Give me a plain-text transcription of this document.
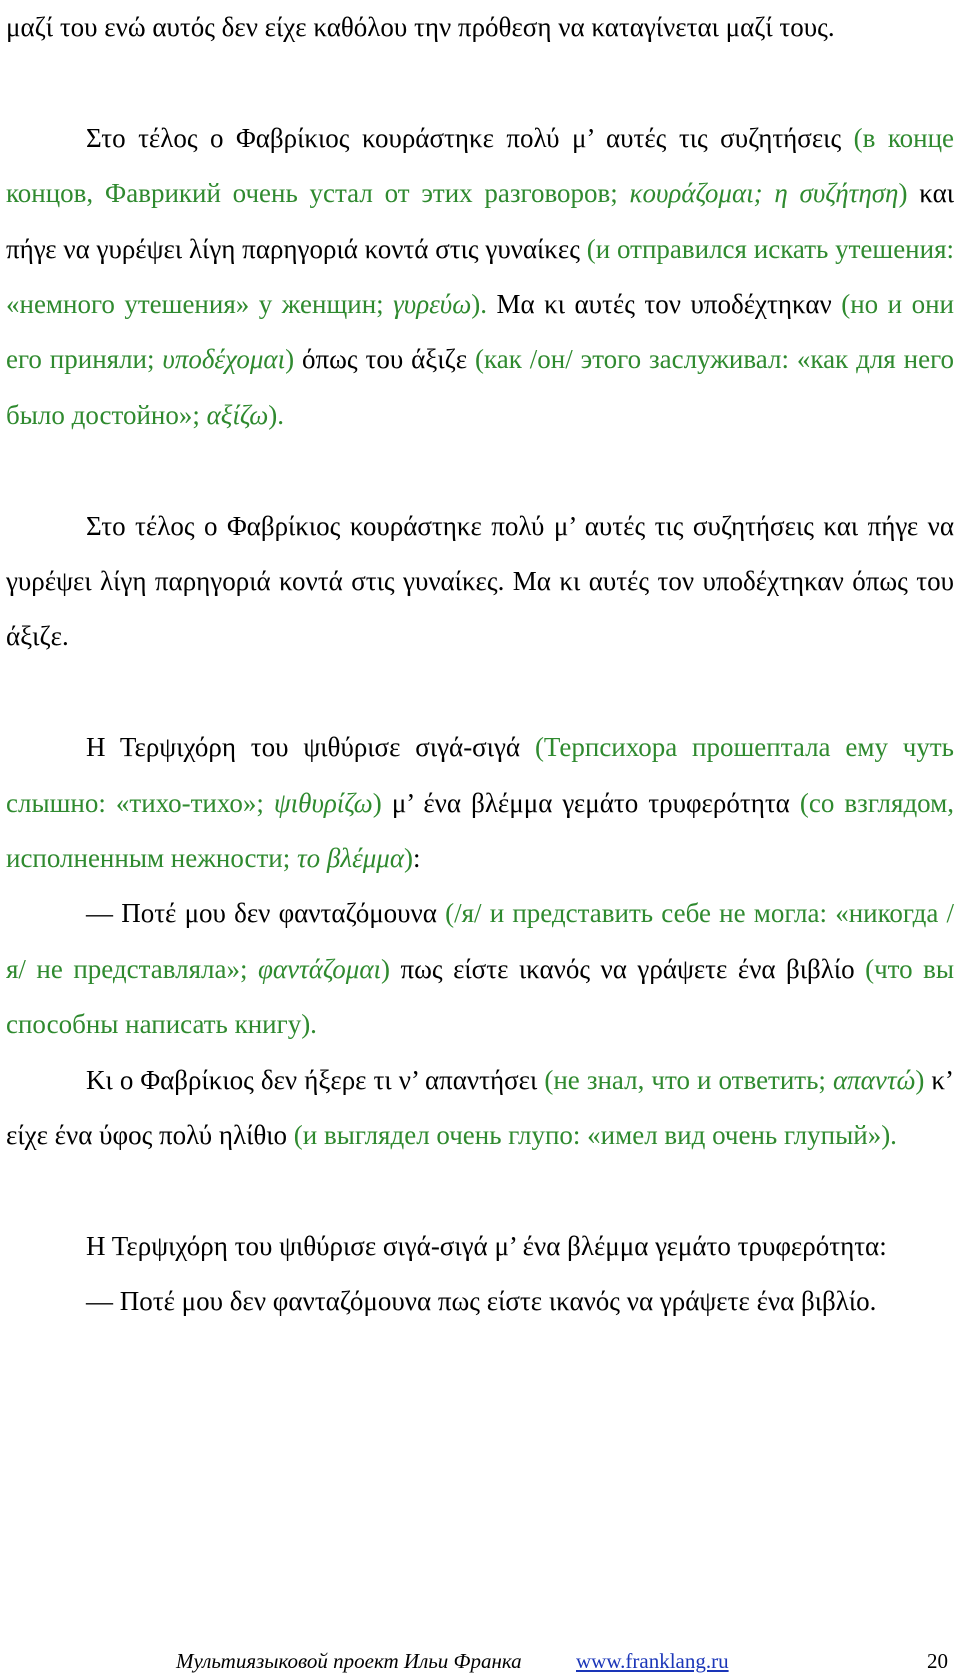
μαζί του ενώ αυτός δεν είχε καθόλου την πρόθεση να καταγίνεται μαζί τους.

Στο τέλος ο Φαβρίκιος κουράστηκε πολύ μ’ αυτές τις συζητήσεις (в конце концов, Фаврикий очень устал от этих разговоров; κουράζομαι; η συζήτηση) και πήγε να γυρέψει λίγη παρηγοριά κοντά στις γυναίκες (и отправился искать утешения: «немного утешения» у женщин; γυρεύω). Μα κι αυτές τον υποδέχτηκαν (но и они его приняли; υποδέχομαι) όπως του άξιζε (как /он/ этого заслуживал: «как для него было достойно»; αξίζω).

Στο τέλος ο Φαβρίκιος κουράστηκε πολύ μ’ αυτές τις συζητήσεις και πήγε να γυρέψει λίγη παρηγοριά κοντά στις γυναίκες. Μα κι αυτές τον υποδέχτηκαν όπως του άξιζε.

Η Τερψιχόρη του ψιθύρισε σιγά-σιγά (Терпсихора прошептала ему чуть слышно: «тихо-тихо»; ψιθυρίζω) μ’ ένα βλέμμα γεμάτο τρυφερότητα (со взглядом, исполненным нежности; το βλέμμα):

— Ποτέ μου δεν φανταζόμουνα (/я/ и представить себе не могла: «никогда /я/ не представляла»; φαντάζομαι) πως είστε ικανός να γράψετε ένα βιβλίο (что вы способны написать книгу).

Κι ο Φαβρίκιος δεν ήξερε τι ν’ απαντήσει (не знал, что и ответить; απαντώ) κ’ είχε ένα ύφος πολύ ηλίθιο (и выглядел очень глупо: «имел вид очень глупый»).

Η Τερψιχόρη του ψιθύρισε σιγά-σιγά μ’ ένα βλέμμα γεμάτο τρυφερότητα:

— Ποτέ μου δεν φανταζόμουνα πως είστε ικανός να γράψετε ένα βιβλίο.

Мультиязыковой проект Ильи Франка	www.franklang.ru	20
